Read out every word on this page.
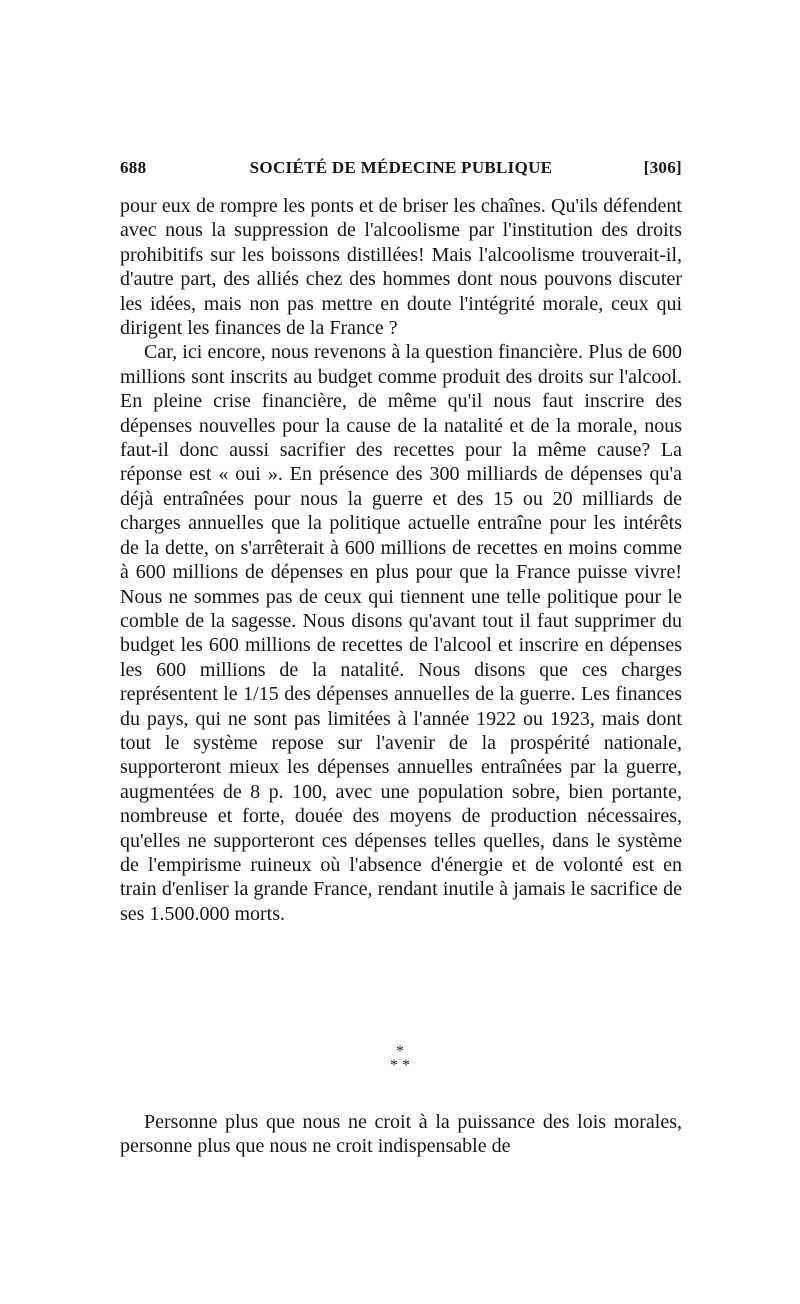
SOCIÉTÉ DE MÉDECINE PUBLIQUE
688	[306]

pour eux de rompre les ponts et de briser les chaînes. Qu'ils défendent avec nous la suppression de l'alcoolisme par l'institution des droits prohibitifs sur les boissons distillées! Mais l'alcoolisme trouverait-il, d'autre part, des alliés chez des hommes dont nous pouvons discuter les idées, mais non pas mettre en doute l'intégrité morale, ceux qui dirigent les finances de la France ?

Car, ici encore, nous revenons à la question financière. Plus de 600 millions sont inscrits au budget comme produit des droits sur l'alcool. En pleine crise financière, de même qu'il nous faut inscrire des dépenses nouvelles pour la cause de la natalité et de la morale, nous faut-il donc aussi sacrifier des recettes pour la même cause? La réponse est « oui ». En présence des 300 milliards de dépenses qu'a déjà entraînées pour nous la guerre et des 15 ou 20 milliards de charges annuelles que la politique actuelle entraîne pour les intérêts de la dette, on s'arrêterait à 600 millions de recettes en moins comme à 600 millions de dépenses en plus pour que la France puisse vivre! Nous ne sommes pas de ceux qui tiennent une telle politique pour le comble de la sagesse. Nous disons qu'avant tout il faut supprimer du budget les 600 millions de recettes de l'alcool et inscrire en dépenses les 600 millions de la natalité. Nous disons que ces charges représentent le 1/15 des dépenses annuelles de la guerre. Les finances du pays, qui ne sont pas limitées à l'année 1922 ou 1923, mais dont tout le système repose sur l'avenir de la prospérité nationale, supporteront mieux les dépenses annuelles entraînées par la guerre, augmentées de 8 p. 100, avec une population sobre, bien portante, nombreuse et forte, douée des moyens de production nécessaires, qu'elles ne supporteront ces dépenses telles quelles, dans le système de l'empirisme ruineux où l'absence d'énergie et de volonté est en train d'enliser la grande France, rendant inutile à jamais le sacrifice de ses 1.500.000 morts.

*
* *

Personne plus que nous ne croit à la puissance des lois morales, personne plus que nous ne croit indispensable de
